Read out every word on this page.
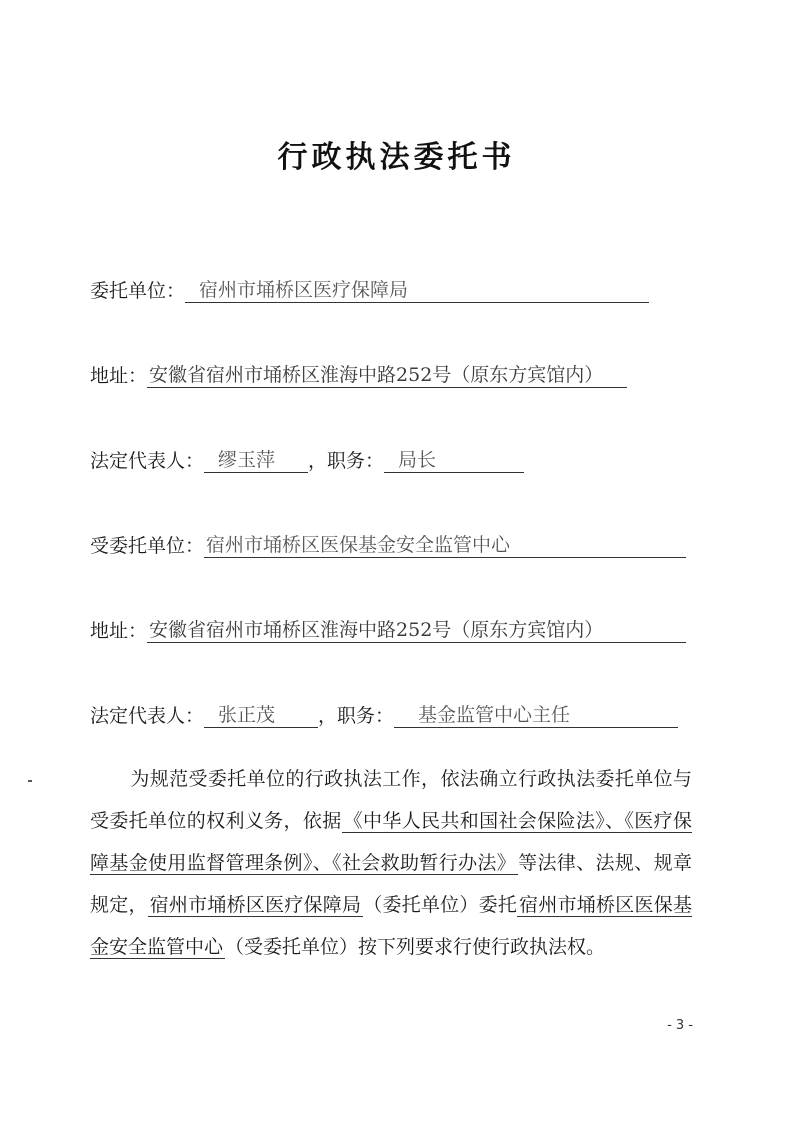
行政执法委托书
委托单位： 宿州市埇桥区医疗保障局
地址： 安徽省宿州市埇桥区淮海中路252号（原东方宾馆内）
法定代表人： 缪玉萍 ，职务： 局长
受委托单位： 宿州市埇桥区医保基金安全监管中心
地址： 安徽省宿州市埇桥区淮海中路252号（原东方宾馆内）
法定代表人： 张正茂 ，职务： 基金监管中心主任
为规范受委托单位的行政执法工作，依法确立行政执法委托单位与受委托单位的权利义务，依据 《中华人民共和国社会保险法》、《医疗保障基金使用监督管理条例》、《社会救助暂行办法》 等法律、法规、规章规定， 宿州市埇桥区医疗保障局 （委托单位）委托 宿州市埇桥区医保基金安全监管中心 （受委托单位）按下列要求行使行政执法权。
- 3 -
